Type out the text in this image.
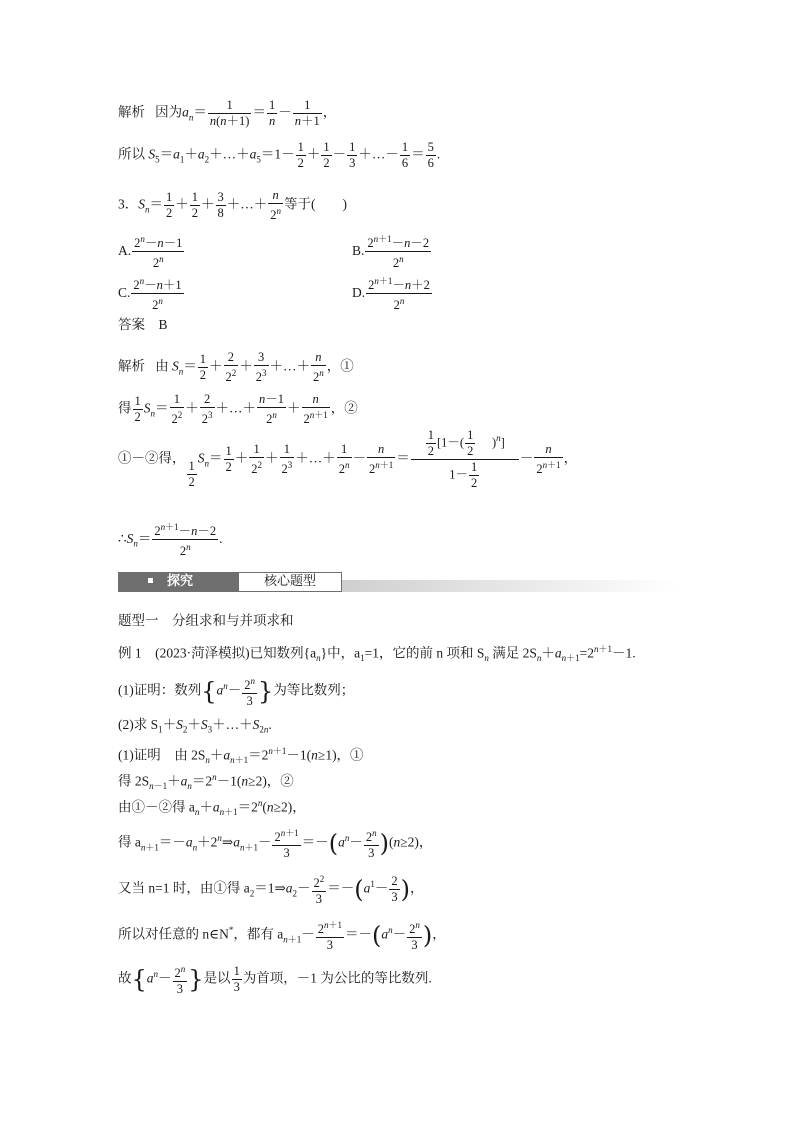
解析 因为$a_n= \frac{1}{n(n+1)} = \frac{1}{n} - \frac{1}{n+1}$ ，
所以 $S_5=a_1+a_2+\dots+a_5=1- \frac{1}{2} + \frac{1}{2} - \frac{1}{3}$ ＋…－ $\frac{1}{6} = \frac{5}{6}$ .
3．$S_n= \frac{1}{2} + \frac{1}{2} + \frac{3}{8}$ ＋…＋ $\frac{n}{2^n}$ 等于(　　)
A. $\frac{2^n-n-1}{2^n}$	B. $\frac{2^{n+1}-n-2}{2^n}$
C. $\frac{2^n-n+1}{2^n}$	D. $\frac{2^{n+1}-n+2}{2^n}$
答案　B
解析 由 $S_n= \frac{1}{2} + \frac{2}{2^2} + \frac{3}{2^3}$ ＋…＋ $\frac{n}{2^n}$ ，①
得 $\frac{1}{2} S_n= \frac{1}{2^2} + \frac{2}{2^3}$ ＋…＋ $\frac{n-1}{2^n} + \frac{n}{2^{n+1}}$ ，②
①－②得，
$\frac{1}{2}$
$S_n= \frac{1}{2} + \frac{1}{2^2} + \frac{1}{2^3}$ ＋…＋ $\frac{1}{2^n} - \frac{n}{2^{n+1}} = \frac{\frac{1}{2} [1-( \frac{1}{2} )^n]}{1- \frac{1}{2}} - \frac{n}{2^{n+1}}$ ，
$\therefore S_n= \frac{2^{n+1}-n-2}{2^n}$ .
探究	核心题型
题型一　分组求和与并项求和
例 1　(2023·菏泽模拟)已知数列$\{a_n\}$中，$a_1=1$，它的前 n 项和 $S_n$ 满足 $2S_n+a_{n+1}=2^{n+1}-1$.
(1)证明：数列{$a^n- \frac{2^n}{3}$ }为等比数列；
(2)求 $S_1+S_2+S_3+\dots+S_{2n}$.
(1)证明　由 $2S_n+a_{n+1}=2^{n+1}-1(n\ge 1)$，①
得 $2S_{n-1}+a_n=2^n-1(n\ge 2)$，②
由①－②得 $a_n+a_{n+1}=2^n(n\ge 2)$，
得 $a_{n+1}=-a_n+2^n\Rightarrow a_{n+1}- \frac{2^{n+1}}{3} =-(a^n- \frac{2^n}{3} )(n\ge 2)$，
又当 n=1 时，由①得 $a_2=1\Rightarrow a_2- \frac{2^2}{3} =-(a^1- \frac{2}{3}$ )，
所以对任意的 n∈N*，都有 $a_{n+1}- \frac{2^{n+1}}{3} =-(a^n- \frac{2^n}{3}$ )，
故{$a^n- \frac{2^n}{3}$ }是以 $\frac{1}{3}$ 为首项，－1 为公比的等比数列.
